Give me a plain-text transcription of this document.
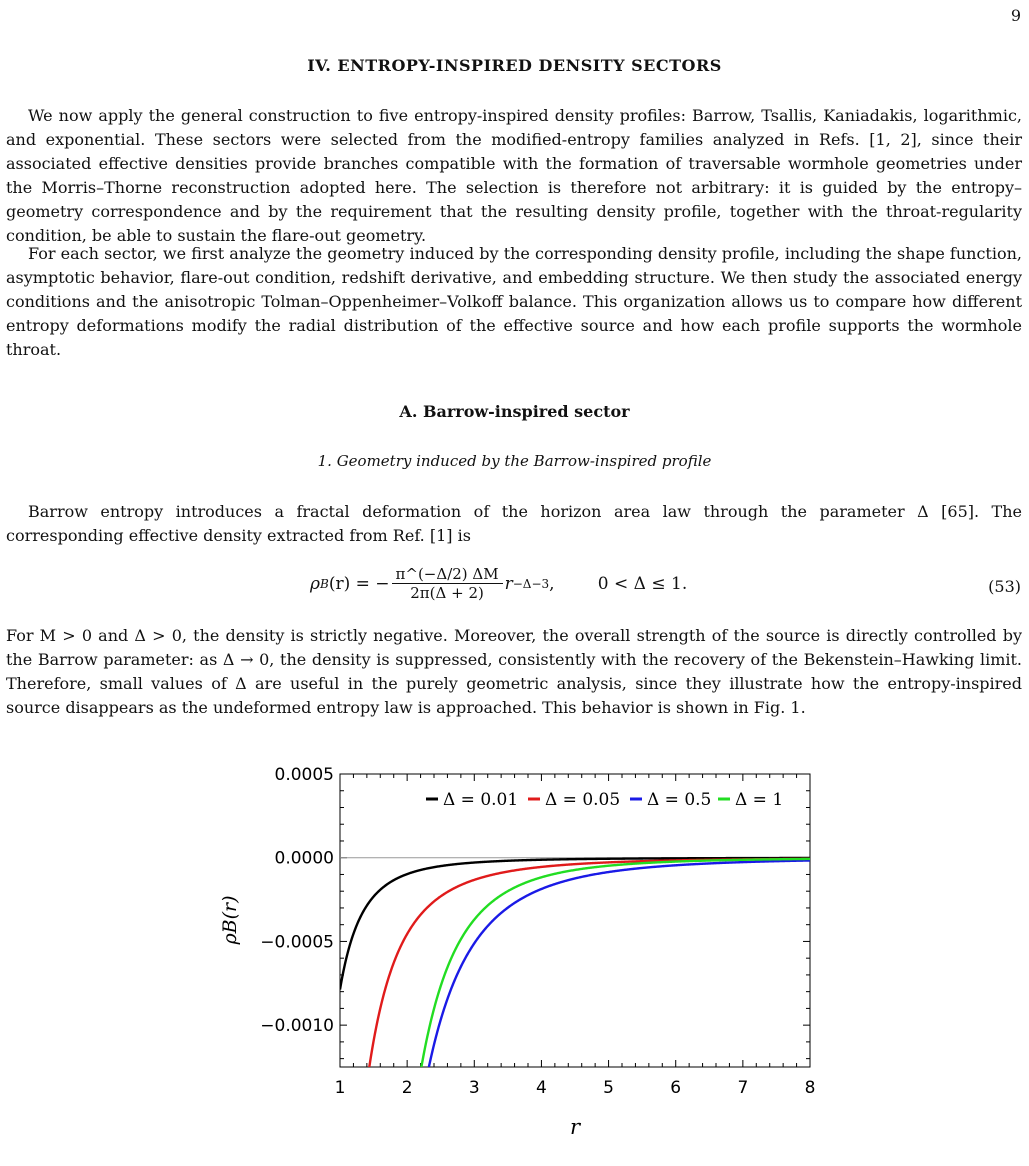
9
IV. ENTROPY-INSPIRED DENSITY SECTORS

We now apply the general construction to five entropy-inspired density profiles: Barrow, Tsallis, Kaniadakis, logarithmic, and exponential. These sectors were selected from the modified-entropy families analyzed in Refs. [1, 2], since their associated effective densities provide branches compatible with the formation of traversable wormhole geometries under the Morris–Thorne reconstruction adopted here. The selection is therefore not arbitrary: it is guided by the entropy–geometry correspondence and by the requirement that the resulting density profile, together with the throat-regularity condition, be able to sustain the flare-out geometry.

For each sector, we first analyze the geometry induced by the corresponding density profile, including the shape function, asymptotic behavior, flare-out condition, redshift derivative, and embedding structure. We then study the associated energy conditions and the anisotropic Tolman–Oppenheimer–Volkoff balance. This organization allows us to compare how different entropy deformations modify the radial distribution of the effective source and how each profile supports the wormhole throat.

A. Barrow-inspired sector
1. Geometry induced by the Barrow-inspired profile

Barrow entropy introduces a fractal deformation of the horizon area law through the parameter Δ [65]. The corresponding effective density extracted from Ref. [1] is

ρ B (r) = − $\frac{\pi\^{}(-\Delta/2) \Delta M}{2\pi(\Delta + 2)}$ r −Δ−3 ,        0 < Δ ≤ 1.	(53)

For M > 0 and Δ > 0, the density is strictly negative. Moreover, the overall strength of the source is directly controlled by the Barrow parameter: as Δ → 0, the density is suppressed, consistently with the recovery of the Bekenstein–Hawking limit. Therefore, small values of Δ are useful in the purely geometric analysis, since they illustrate how the entropy-inspired source disappears as the undeformed entropy law is approached. This behavior is shown in Fig. 1.

0.0005
0.0000
−0.0005
−0.0010
1	2	3	4	5	6	7	8
r
ρB(r)
Δ = 0.01 Δ = 0.05 Δ = 0.5 Δ = 1
